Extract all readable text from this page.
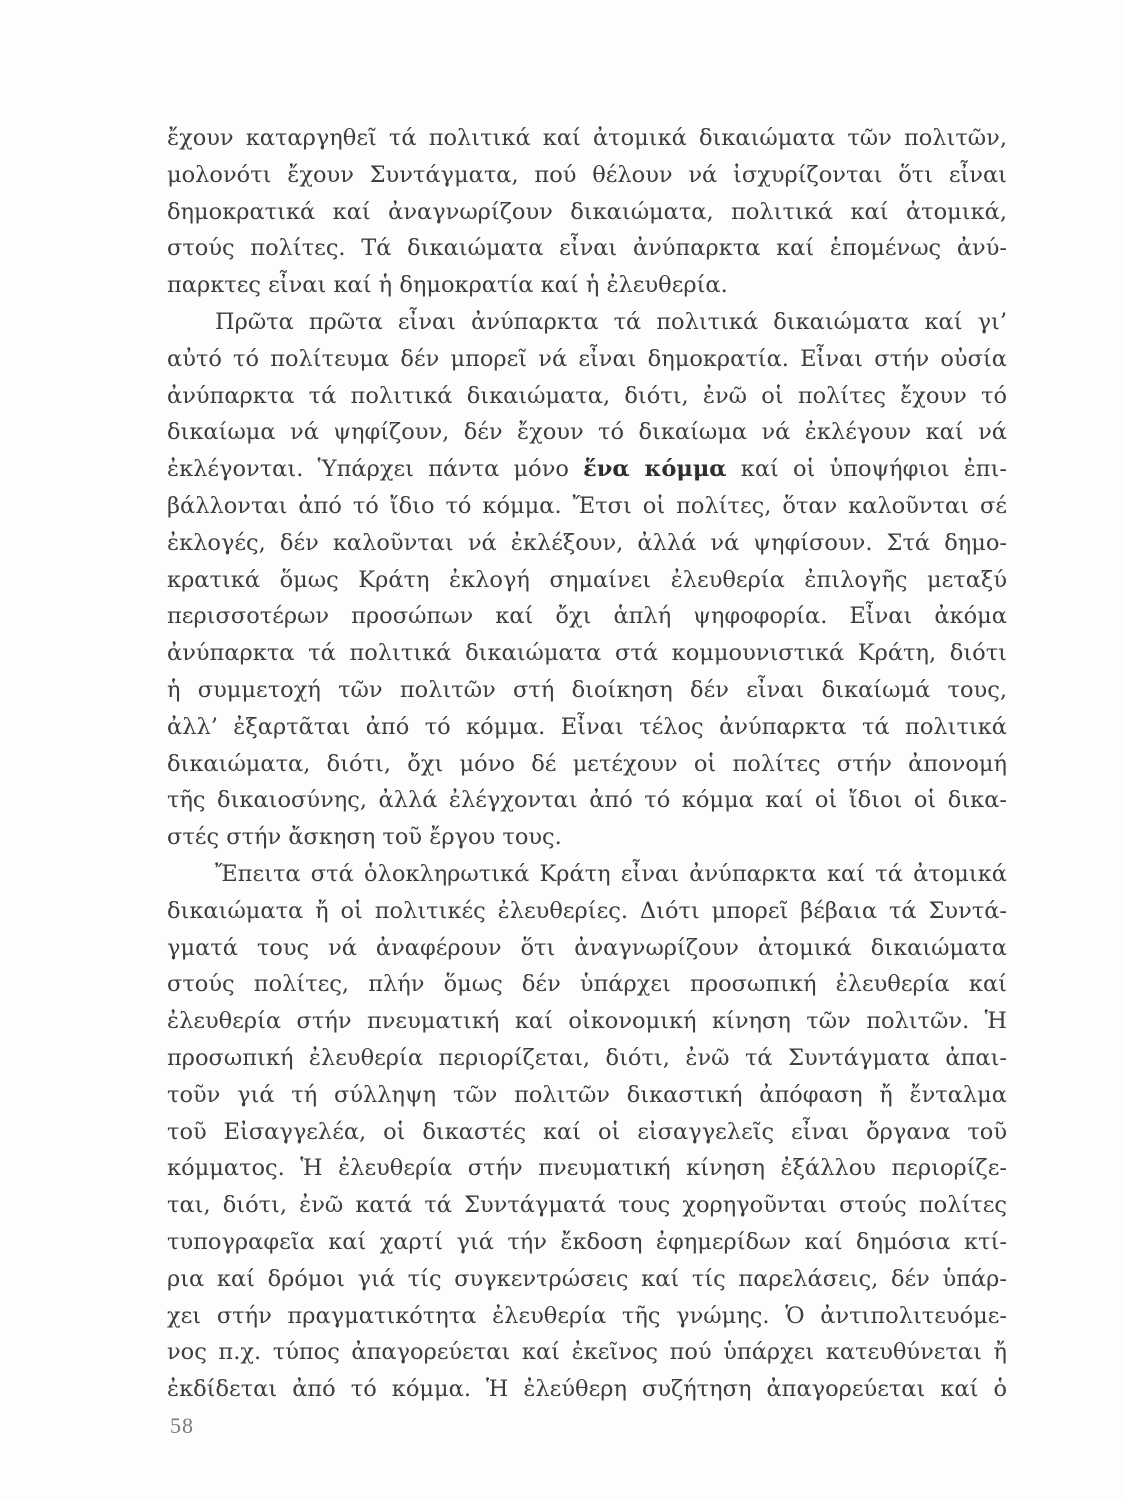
ἔχουν καταργηθεῖ τά πολιτικά καί ἀτομικά δικαιώματα τῶν πολιτῶν,
μολονότι ἔχουν Συντάγματα, πού θέλουν νά ἰσχυρίζονται ὅτι εἶναι
δημοκρατικά καί ἀναγνωρίζουν δικαιώματα, πολιτικά καί ἀτομικά,
στούς πολίτες. Τά δικαιώματα εἶναι ἀνύπαρκτα καί ἑπομένως ἀνύ-
παρκτες εἶναι καί ἡ δημοκρατία καί ἡ ἐλευθερία.
Πρῶτα πρῶτα εἶναι ἀνύπαρκτα τά πολιτικά δικαιώματα καί γι’
αὐτό τό πολίτευμα δέν μπορεῖ νά εἶναι δημοκρατία. Εἶναι στήν οὐσία
ἀνύπαρκτα τά πολιτικά δικαιώματα, διότι, ἐνῶ οἱ πολίτες ἔχουν τό
δικαίωμα νά ψηφίζουν, δέν ἔχουν τό δικαίωμα νά ἐκλέγουν καί νά
ἐκλέγονται. Ὑπάρχει πάντα μόνο ἕνα κόμμα καί οἱ ὑποψήφιοι ἐπι-
βάλλονται ἀπό τό ἴδιο τό κόμμα. Ἔτσι οἱ πολίτες, ὅταν καλοῦνται σέ
ἐκλογές, δέν καλοῦνται νά ἐκλέξουν, ἀλλά νά ψηφίσουν. Στά δημο-
κρατικά ὅμως Κράτη ἐκλογή σημαίνει ἐλευθερία ἐπιλογῆς μεταξύ
περισσοτέρων προσώπων καί ὄχι ἁπλή ψηφοφορία. Εἶναι ἀκόμα
ἀνύπαρκτα τά πολιτικά δικαιώματα στά κομμουνιστικά Κράτη, διότι
ἡ συμμετοχή τῶν πολιτῶν στή διοίκηση δέν εἶναι δικαίωμά τους,
ἀλλ’ ἐξαρτᾶται ἀπό τό κόμμα. Εἶναι τέλος ἀνύπαρκτα τά πολιτικά
δικαιώματα, διότι, ὄχι μόνο δέ μετέχουν οἱ πολίτες στήν ἀπονομή
τῆς δικαιοσύνης, ἀλλά ἐλέγχονται ἀπό τό κόμμα καί οἱ ἴδιοι οἱ δικα-
στές στήν ἄσκηση τοῦ ἔργου τους.
Ἔπειτα στά ὁλοκληρωτικά Κράτη εἶναι ἀνύπαρκτα καί τά ἀτομικά
δικαιώματα ἤ οἱ πολιτικές ἐλευθερίες. Διότι μπορεῖ βέβαια τά Συντά-
γματά τους νά ἀναφέρουν ὅτι ἀναγνωρίζουν ἀτομικά δικαιώματα
στούς πολίτες, πλήν ὅμως δέν ὑπάρχει προσωπική ἐλευθερία καί
ἐλευθερία στήν πνευματική καί οἰκονομική κίνηση τῶν πολιτῶν. Ἡ
προσωπική ἐλευθερία περιορίζεται, διότι, ἐνῶ τά Συντάγματα ἀπαι-
τοῦν γιά τή σύλληψη τῶν πολιτῶν δικαστική ἀπόφαση ἤ ἔνταλμα
τοῦ Εἰσαγγελέα, οἱ δικαστές καί οἱ εἰσαγγελεῖς εἶναι ὄργανα τοῦ
κόμματος. Ἡ ἐλευθερία στήν πνευματική κίνηση ἐξάλλου περιορίζε-
ται, διότι, ἐνῶ κατά τά Συντάγματά τους χορηγοῦνται στούς πολίτες
τυπογραφεῖα καί χαρτί γιά τήν ἔκδοση ἐφημερίδων καί δημόσια κτί-
ρια καί δρόμοι γιά τίς συγκεντρώσεις καί τίς παρελάσεις, δέν ὑπάρ-
χει στήν πραγματικότητα ἐλευθερία τῆς γνώμης. Ὁ ἀντιπολιτευόμε-
νος π.χ. τύπος ἀπαγορεύεται καί ἐκεῖνος πού ὑπάρχει κατευθύνεται ἤ
ἐκδίδεται ἀπό τό κόμμα. Ἡ ἐλεύθερη συζήτηση ἀπαγορεύεται καί ὁ
58
